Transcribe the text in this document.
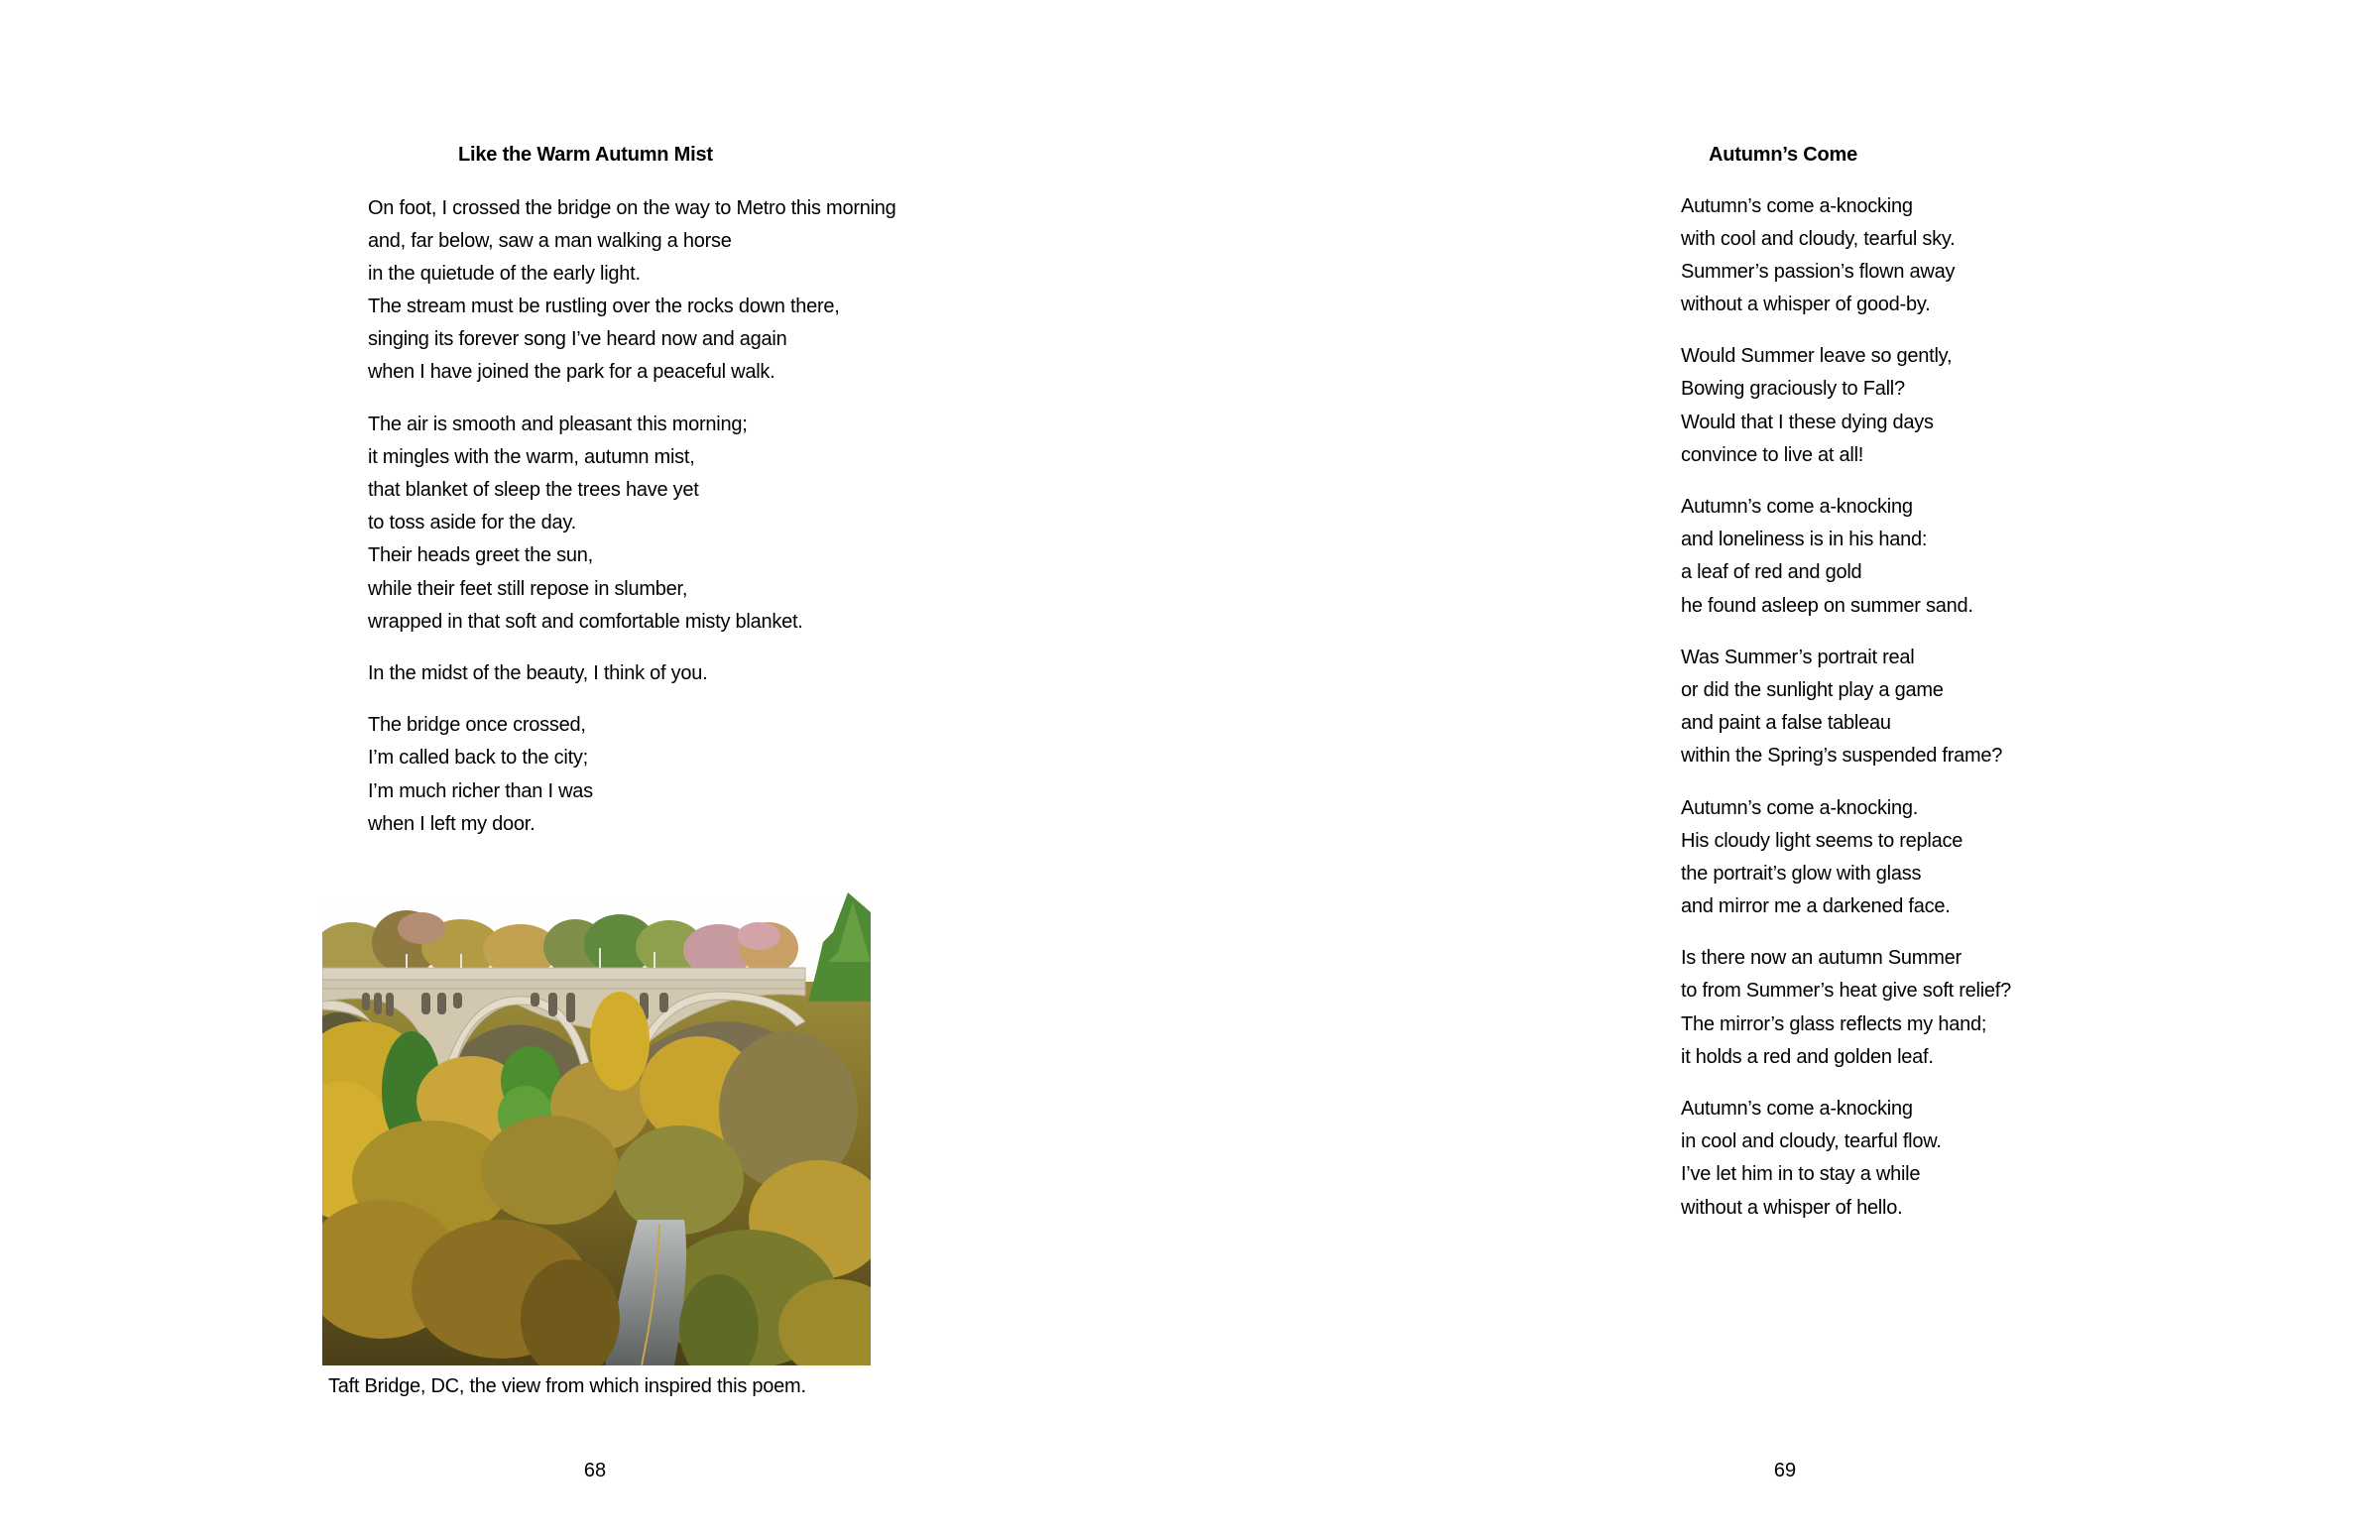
Like the Warm Autumn Mist
On foot, I crossed the bridge on the way to Metro this morning
and, far below, saw a man walking a horse
in the quietude of the early light.
The stream must be rustling over the rocks down there,
singing its forever song I’ve heard now and again
when I have joined the park for a peaceful walk.
The air is smooth and pleasant this morning;
it mingles with the warm, autumn mist,
that blanket of sleep the trees have yet
to toss aside for the day.
Their heads greet the sun,
while their feet still repose in slumber,
wrapped in that soft and comfortable misty blanket.
In the midst of the beauty, I think of you.
The bridge once crossed,
I’m called back to the city;
I’m much richer than I was
when I left my door.
Taft Bridge, DC, the view from which inspired this poem.
68
Autumn’s Come
Autumn’s come a-knocking
with cool and cloudy, tearful sky.
Summer’s passion’s flown away
without a whisper of good-by.
Would Summer leave so gently,
Bowing graciously to Fall?
Would that I these dying days
convince to live at all!
Autumn’s come a-knocking
and loneliness is in his hand:
a leaf of red and gold
he found asleep on summer sand.
Was Summer’s portrait real
or did the sunlight play a game
and paint a false tableau
within the Spring’s suspended frame?
Autumn’s come a-knocking.
His cloudy light seems to replace
the portrait’s glow with glass
and mirror me a darkened face.
Is there now an autumn Summer
to from Summer’s heat give soft relief?
The mirror’s glass reflects my hand;
it holds a red and golden leaf.
Autumn’s come a-knocking
in cool and cloudy, tearful flow.
I’ve let him in to stay a while
without a whisper of hello.
69
